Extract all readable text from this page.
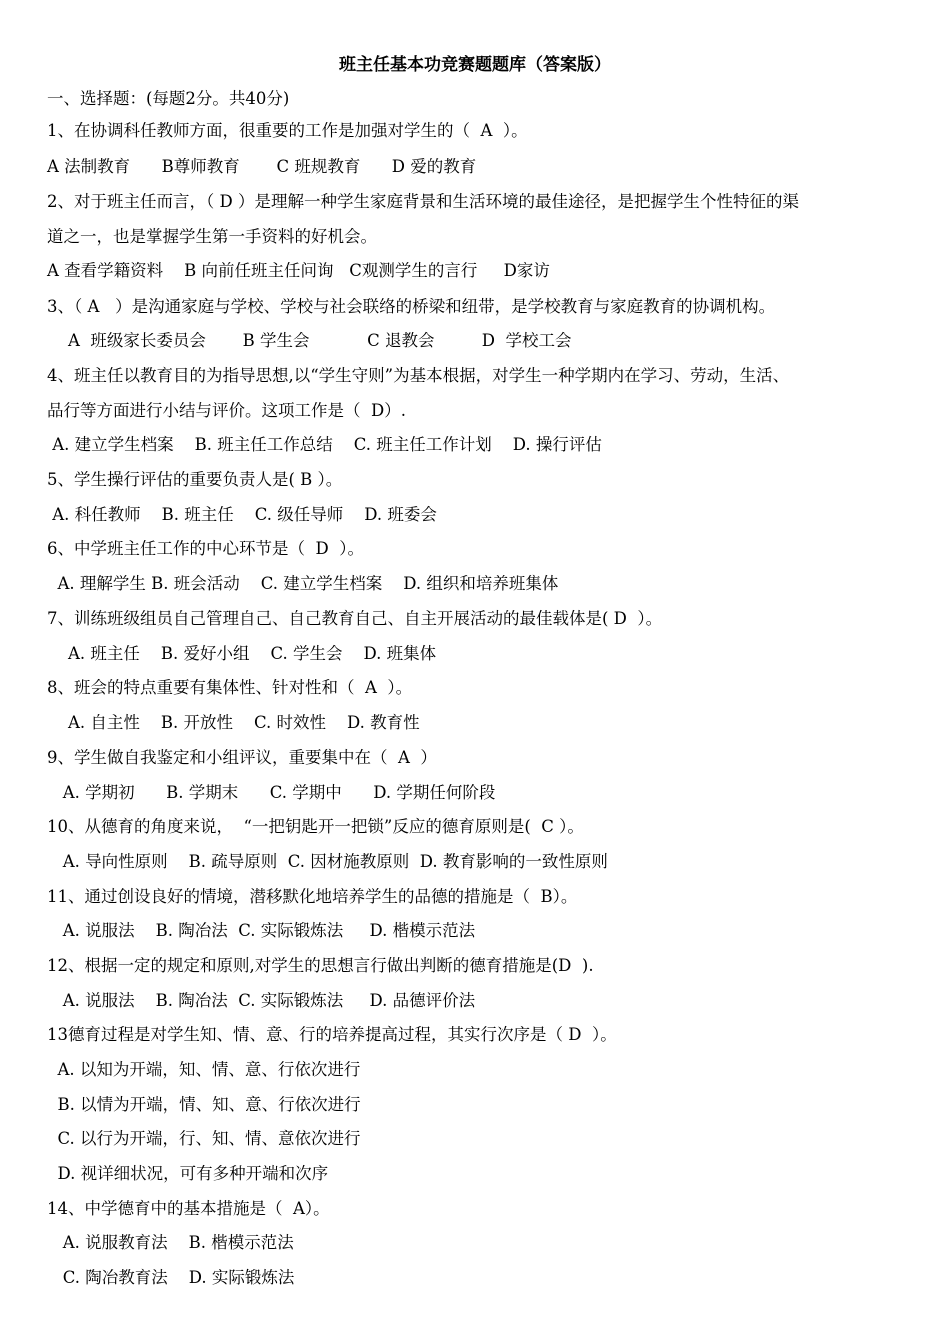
班主任基本功竞赛题题库（答案版）
一、选择题：(每题2分。共40分)
1、在协调科任教师方面，很重要的工作是加强对学生的（  A  ）。
A 法制教育      B尊师教育       C 班规教育      D 爱的教育
2、对于班主任而言，（ D ）是理解一种学生家庭背景和生活环境的最佳途径，是把握学生个性特征的渠
道之一，也是掌握学生第一手资料的好机会。
A 查看学籍资料    B 向前任班主任问询   C观测学生的言行     D家访
3、（ A   ）是沟通家庭与学校、学校与社会联络的桥梁和纽带，是学校教育与家庭教育的协调机构。
A  班级家长委员会       B 学生会           C 退教会         D  学校工会
4、班主任以教育目的为指导思想,以“学生守则”为基本根据，对学生一种学期内在学习、劳动，生活、
品行等方面进行小结与评价。这项工作是（  D）.
A. 建立学生档案    B. 班主任工作总结    C. 班主任工作计划    D. 操行评估
5、学生操行评估的重要负责人是( B ）。
A. 科任教师    B. 班主任    C. 级任导师    D. 班委会
6、中学班主任工作的中心环节是（  D  ）。
A. 理解学生 B. 班会活动    C. 建立学生档案    D. 组织和培养班集体
7、训练班级组员自己管理自己、自己教育自己、自主开展活动的最佳载体是( D  ）。
A. 班主任    B. 爱好小组    C. 学生会    D. 班集体
8、班会的特点重要有集体性、针对性和（  A  ）。
A. 自主性    B. 开放性    C. 时效性    D. 教育性
9、学生做自我鉴定和小组评议，重要集中在（  A  ）
A. 学期初      B. 学期末      C. 学期中      D. 学期任何阶段
10、从德育的角度来说，  “一把钥匙开一把锁”反应的德育原则是(  C ）。
A. 导向性原则    B. 疏导原则  C. 因材施教原则  D. 教育影响的一致性原则
11、通过创设良好的情境，潜移默化地培养学生的品德的措施是（  B）。
A. 说服法    B. 陶冶法  C. 实际锻炼法     D. 楷模示范法
12、根据一定的规定和原则,对学生的思想言行做出判断的德育措施是(D  ).
A. 说服法    B. 陶冶法  C. 实际锻炼法     D. 品德评价法
13德育过程是对学生知、情、意、行的培养提高过程，其实行次序是（ D  ）。
A. 以知为开端，知、情、意、行依次进行
B. 以情为开端，情、知、意、行依次进行
C. 以行为开端，行、知、情、意依次进行
D. 视详细状况，可有多种开端和次序
14、中学德育中的基本措施是（  A）。
A. 说服教育法    B. 楷模示范法
C. 陶冶教育法    D. 实际锻炼法
